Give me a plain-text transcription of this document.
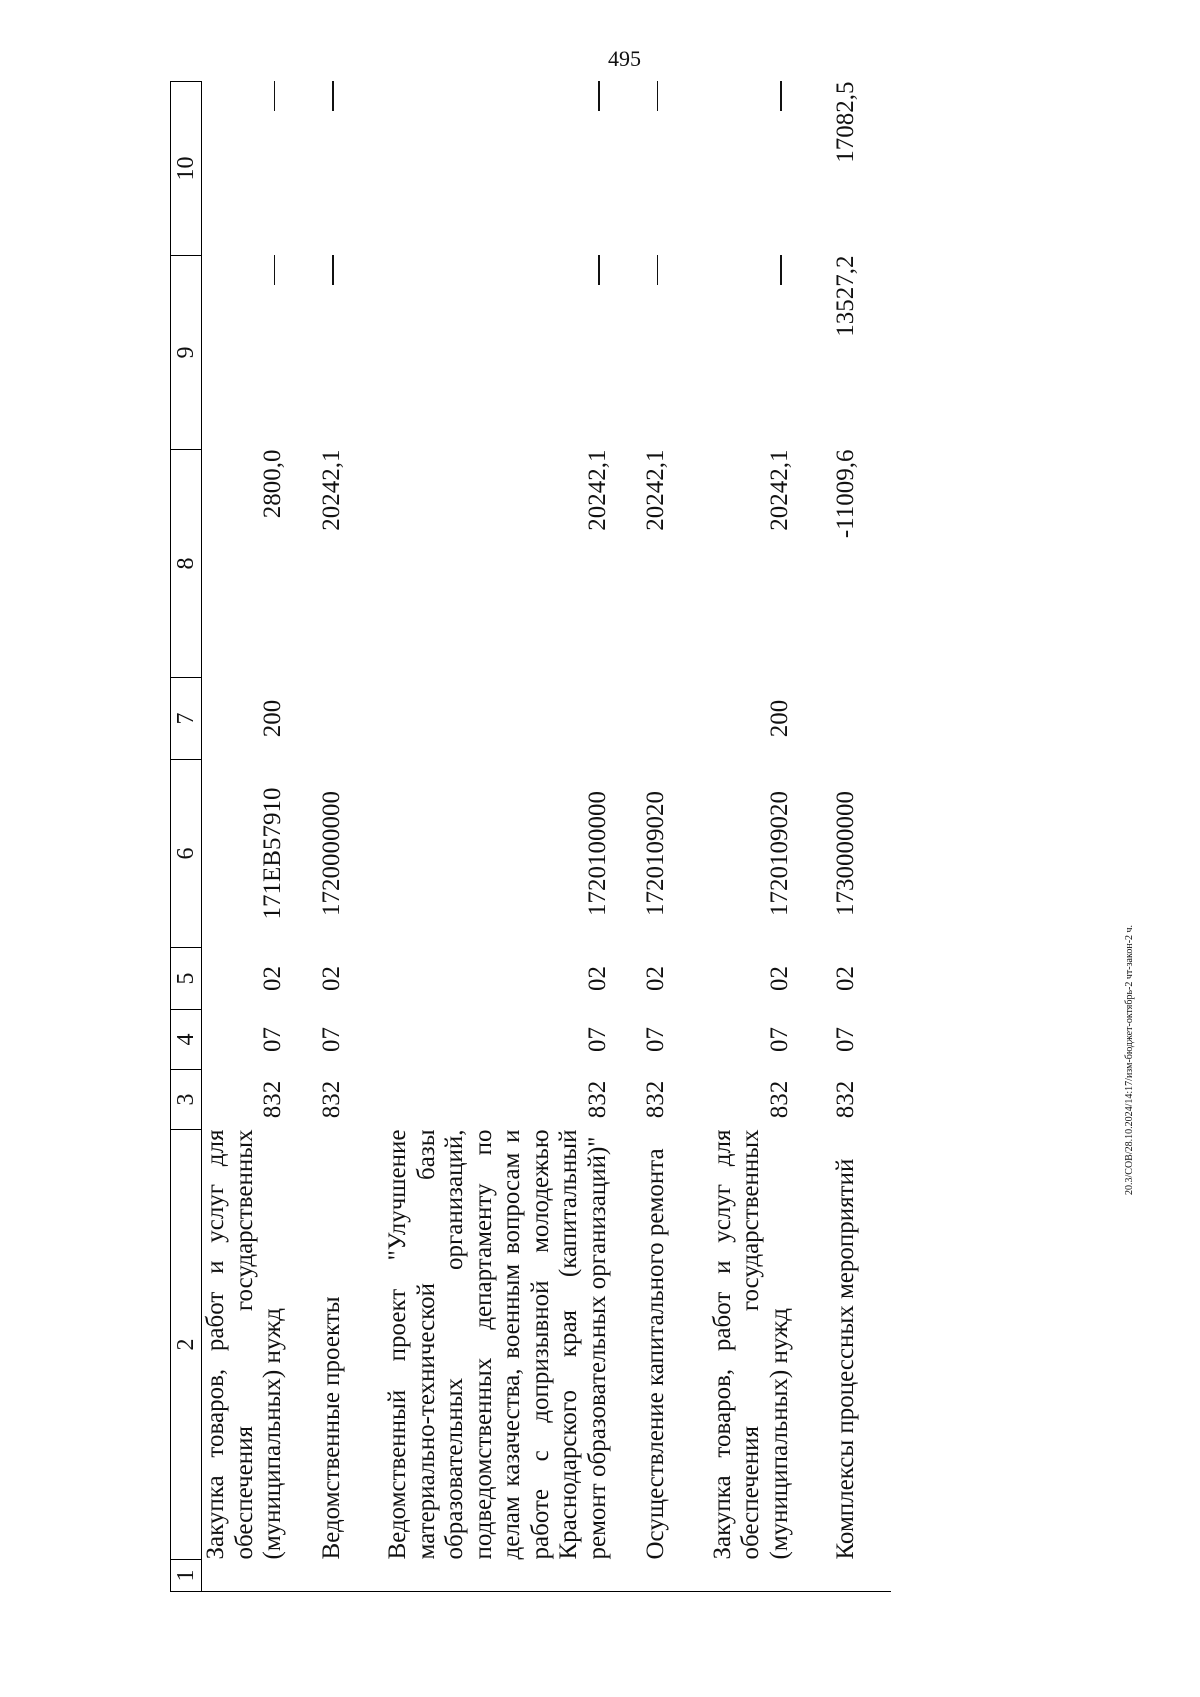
495
20.3/СОВ/28.10.2024/14:17/изм-бюджет-октябрь-2 чт-закон-2 ч.
1	2	3	4	5	6	7	8	9	10
	Закупка товаров, работ и услуг для обеспечения государственных (муниципальных) нужд	832	07	02	171EB57910	200	2800,0		

	Ведомственные проекты	832	07	02	1720000000		20242,1		

	Ведомственный проект "Улучшение материально-технической базы образовательных организаций, подведомственных департаменту по делам казачества, военным вопросам и работе с допризывной молодежью Краснодарского края (капитальный ремонт образовательных организаций)"	832	07	02	1720100000		20242,1		

	Осуществление капитального ремонта	832	07	02	1720109020		20242,1		

	Закупка товаров, работ и услуг для обеспечения государственных (муниципальных) нужд	832	07	02	1720109020	200	20242,1		

	Комплексы процессных мероприятий	832	07	02	1730000000		-11009,6	13527,2	17082,5
